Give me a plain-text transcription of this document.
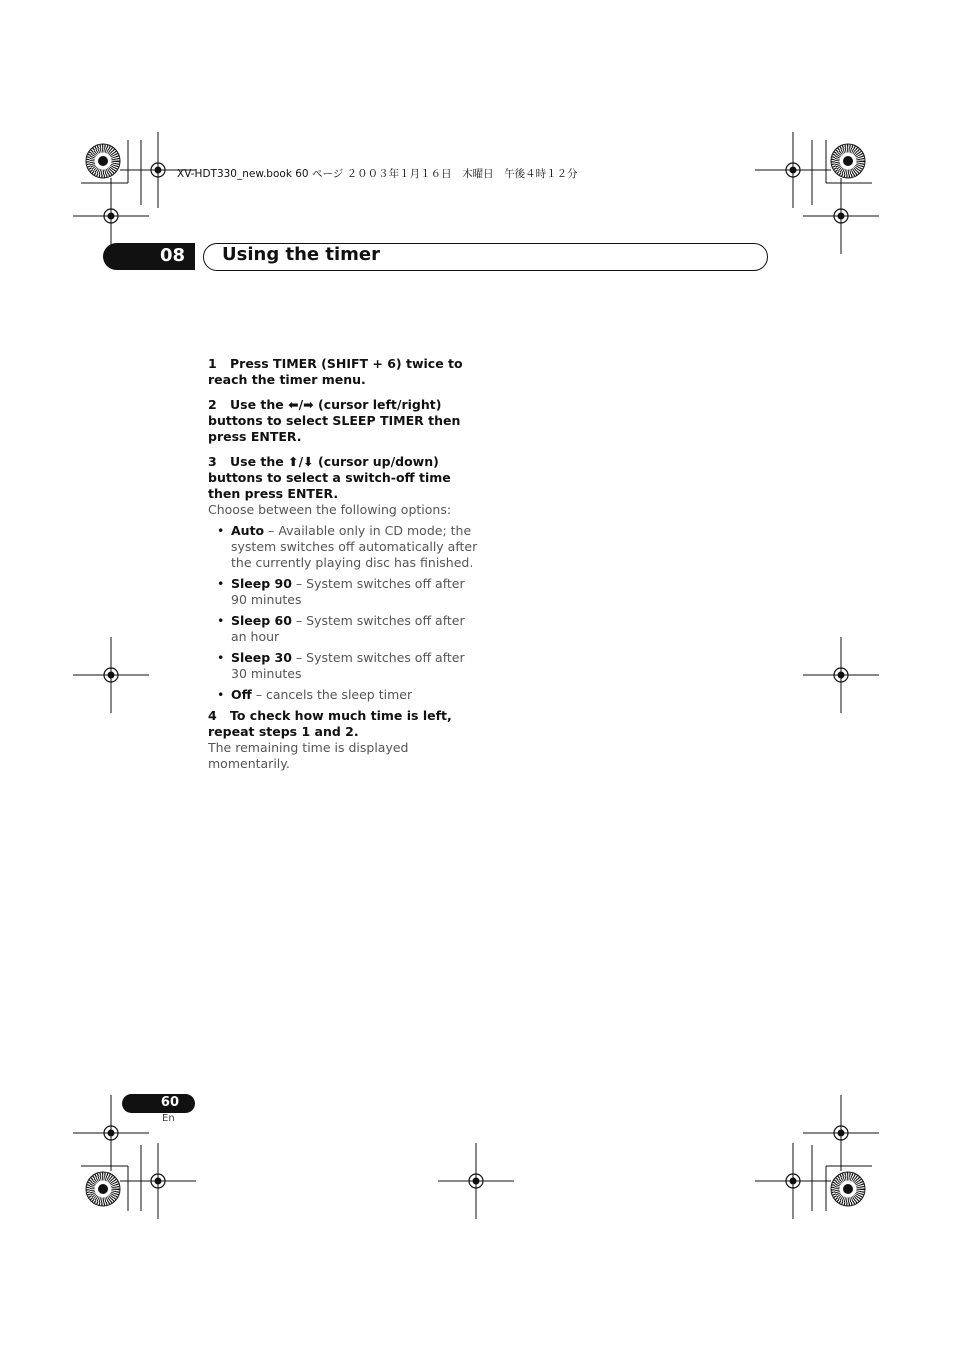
XV-HDT330_new.book 60 ページ ２００３年１月１６日　木曜日　午後４時１２分
08 Using the timer

1 Press TIMER (SHIFT + 6) twice to reach the timer menu.

2 Use the ⬅/➡ (cursor left/right) buttons to select SLEEP TIMER then press ENTER.

3 Use the ⬆/⬇ (cursor up/down) buttons to select a switch-off time then press ENTER.

Choose between the following options:

• Auto – Available only in CD mode; the system switches off automatically after the currently playing disc has finished.
• Sleep 90 – System switches off after 90 minutes
• Sleep 60 – System switches off after an hour
• Sleep 30 – System switches off after 30 minutes
• Off – cancels the sleep timer

4 To check how much time is left, repeat steps 1 and 2.

The remaining time is displayed momentarily.

60
En
